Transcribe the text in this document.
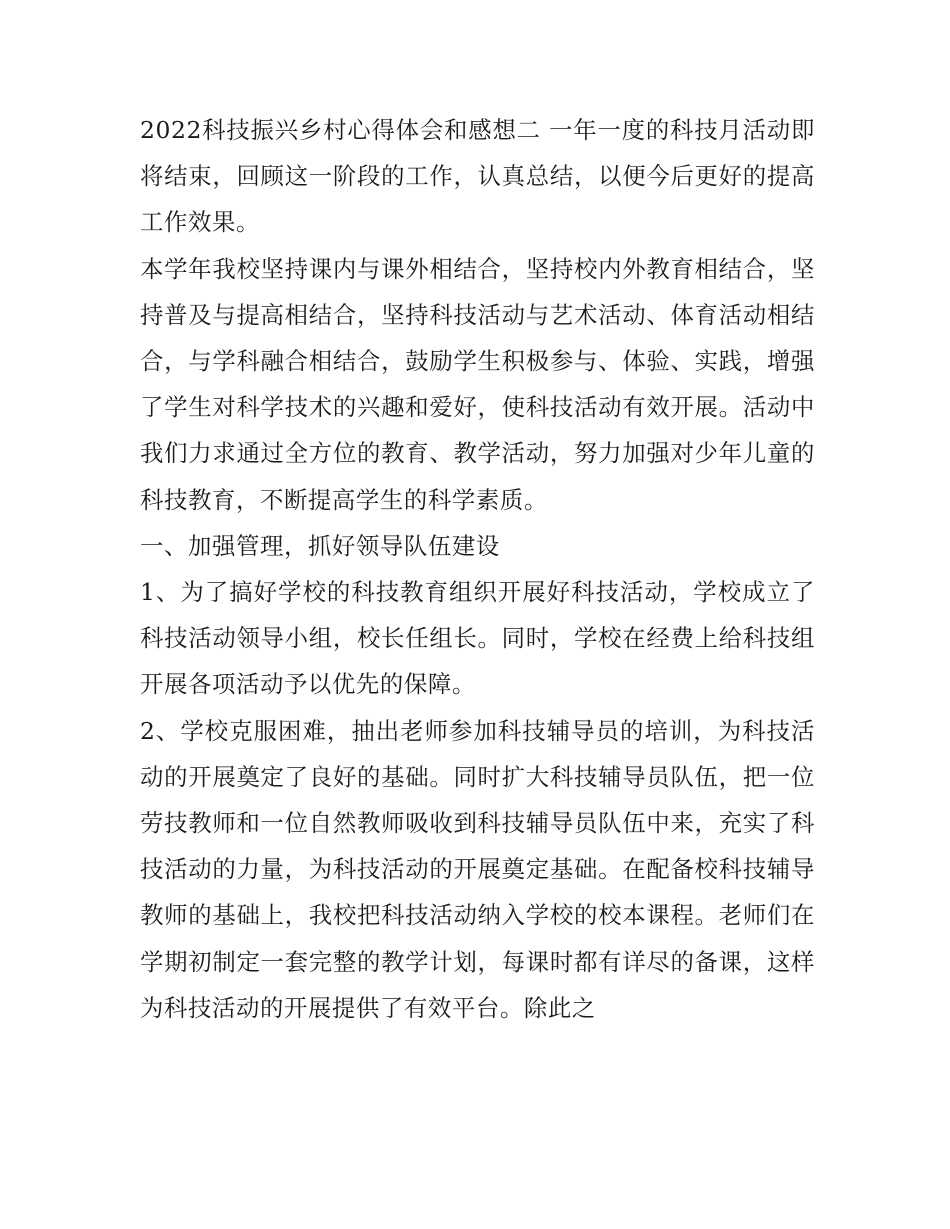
2022科技振兴乡村心得体会和感想二 一年一度的科技月活动即将结束，回顾这一阶段的工作，认真总结，以便今后更好的提高工作效果。

本学年我校坚持课内与课外相结合，坚持校内外教育相结合，坚持普及与提高相结合，坚持科技活动与艺术活动、体育活动相结合，与学科融合相结合，鼓励学生积极参与、体验、实践，增强了学生对科学技术的兴趣和爱好，使科技活动有效开展。活动中我们力求通过全方位的教育、教学活动，努力加强对少年儿童的科技教育，不断提高学生的科学素质。

一、加强管理，抓好领导队伍建设

1、为了搞好学校的科技教育组织开展好科技活动，学校成立了科技活动领导小组，校长任组长。同时，学校在经费上给科技组开展各项活动予以优先的保障。

2、学校克服困难，抽出老师参加科技辅导员的培训，为科技活动的开展奠定了良好的基础。同时扩大科技辅导员队伍，把一位劳技教师和一位自然教师吸收到科技辅导员队伍中来，充实了科技活动的力量，为科技活动的开展奠定基础。在配备校科技辅导教师的基础上，我校把科技活动纳入学校的校本课程。老师们在学期初制定一套完整的教学计划，每课时都有详尽的备课，这样为科技活动的开展提供了有效平台。除此之
